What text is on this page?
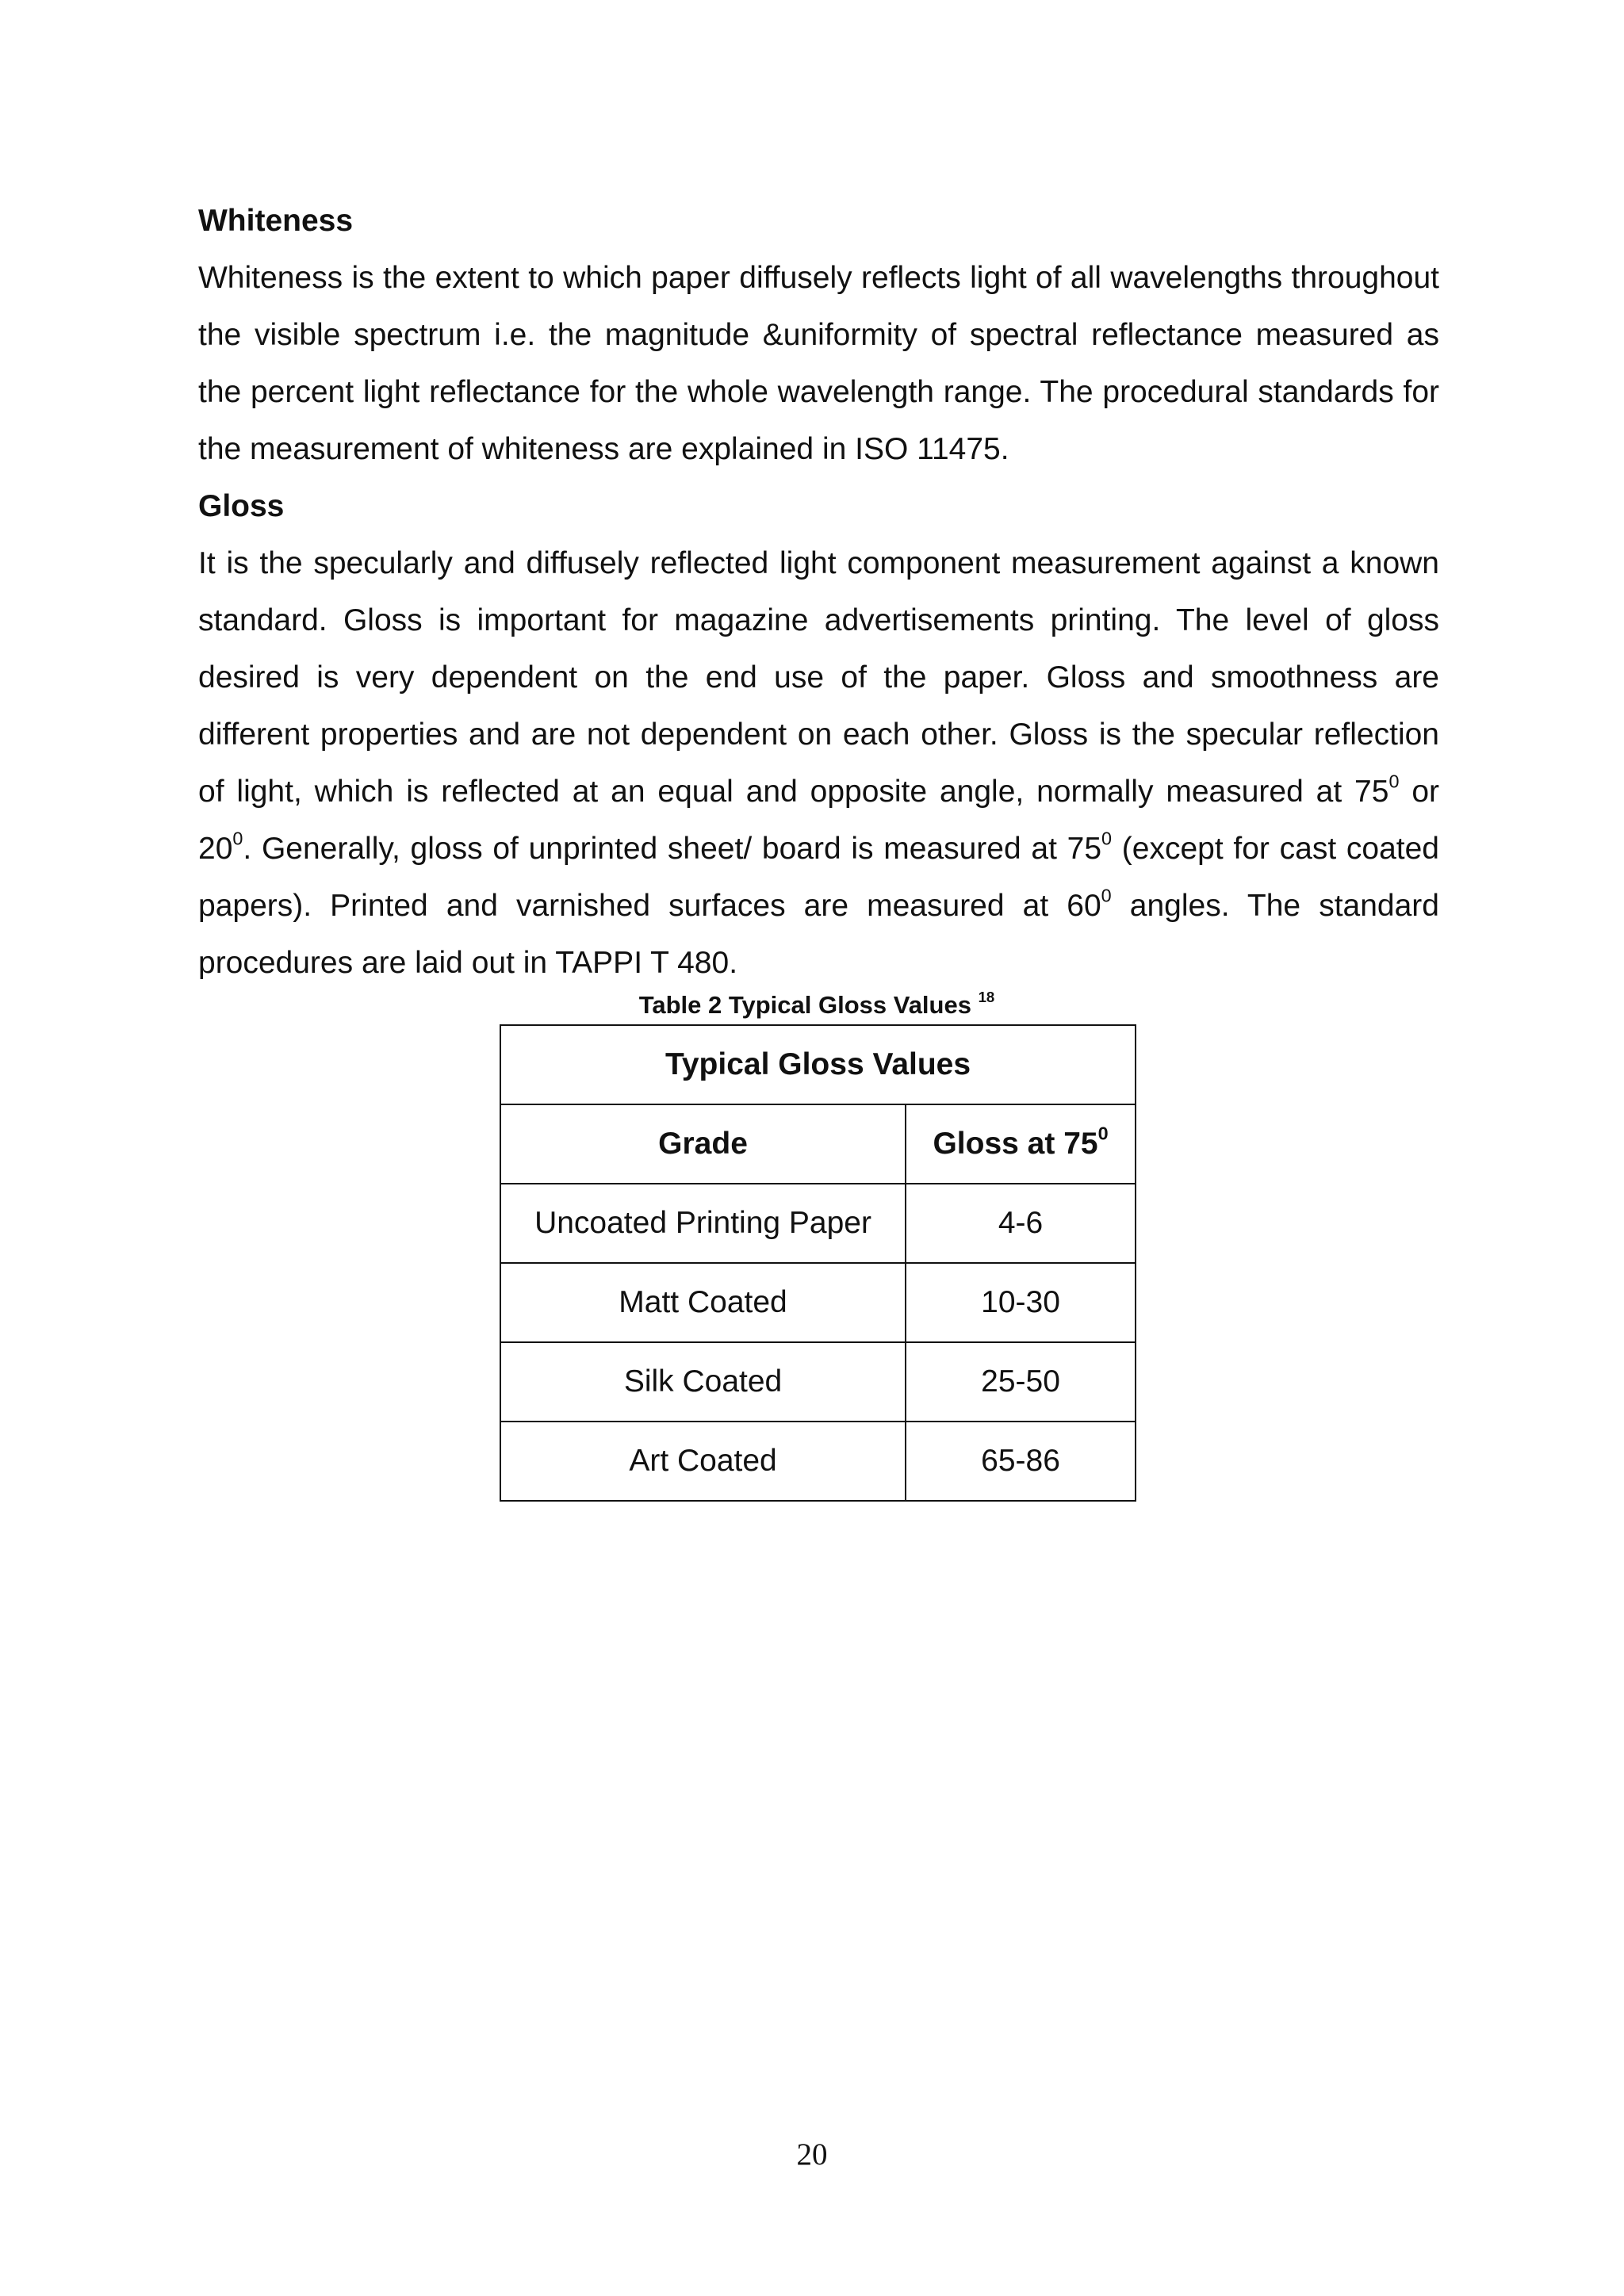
Whiteness

Whiteness is the extent to which paper diffusely reflects light of all wavelengths throughout the visible spectrum i.e. the magnitude &uniformity of spectral reflectance measured as the percent light reflectance for the whole wavelength range. The procedural standards for the measurement of whiteness are explained in ISO 11475.

Gloss

It is the specularly and diffusely reflected light component measurement against a known standard. Gloss is important for magazine advertisements printing. The level of gloss desired is very dependent on the end use of the paper. Gloss and smoothness are different properties and are not dependent on each other. Gloss is the specular reflection of light, which is reflected at an equal and opposite angle, normally measured at $75^0$ or $20^0$. Generally, gloss of unprinted sheet/ board is measured at $75^0$ (except for cast coated papers). Printed and varnished surfaces are measured at $60^0$ angles. The standard procedures are laid out in TAPPI T 480.

Table 2 Typical Gloss Values $^{18}$
Typical Gloss Values	
Grade	Gloss at $75^0$
Uncoated Printing Paper	4-6
Matt Coated	10-30
Silk Coated	25-50
Art Coated	65-86
20
